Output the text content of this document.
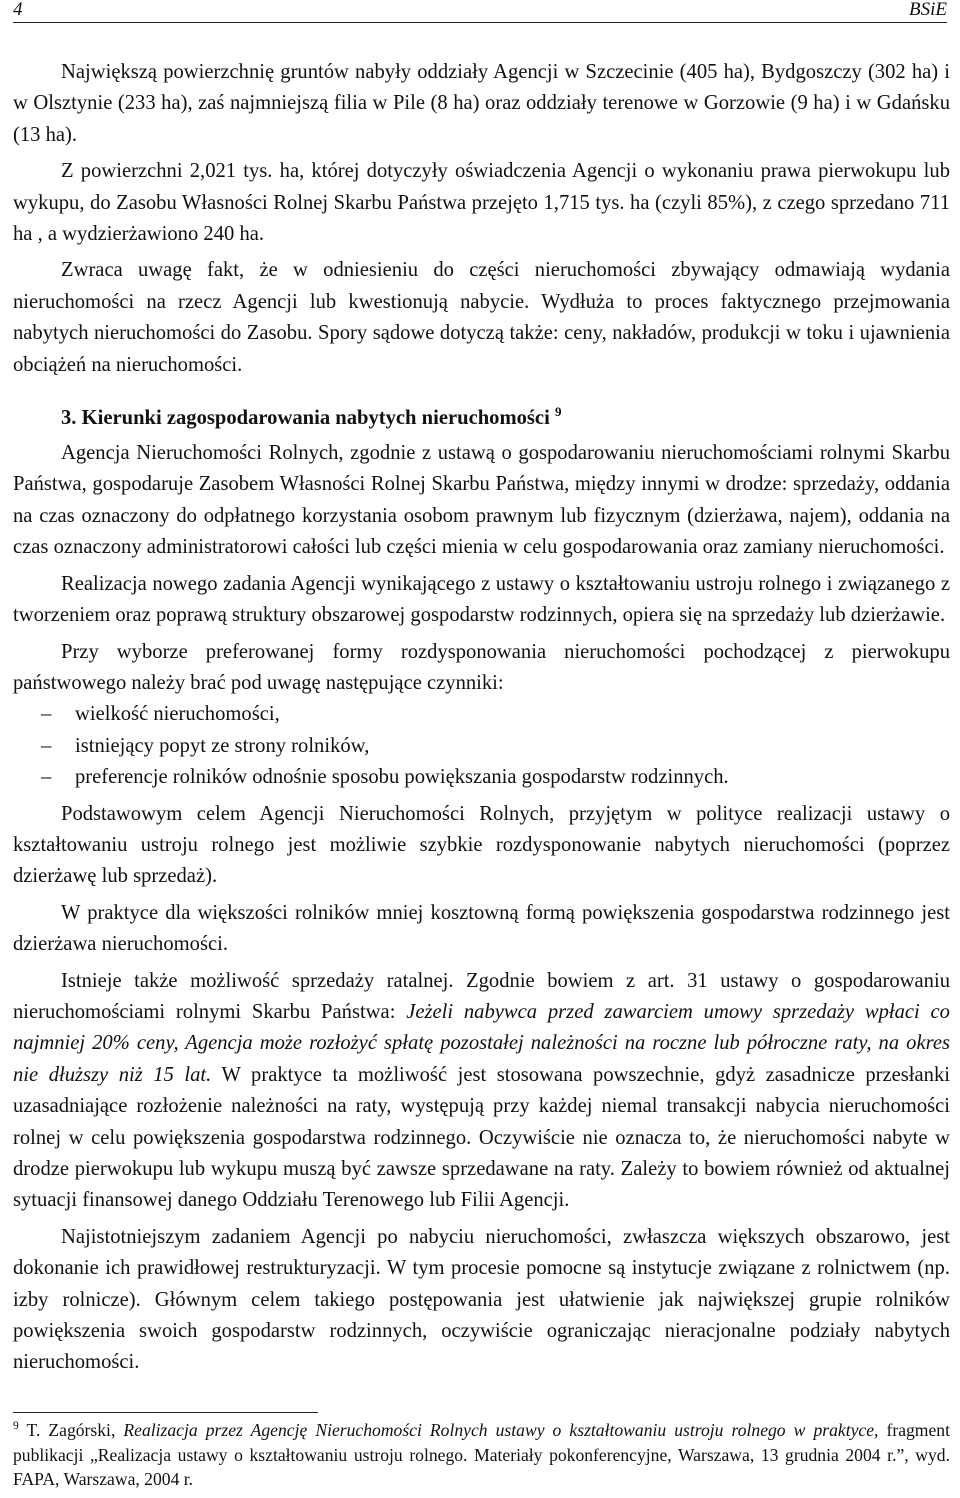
4	BSiE

Największą powierzchnię gruntów nabyły oddziały Agencji w Szczecinie (405 ha), Bydgoszczy (302 ha) i w Olsztynie (233 ha), zaś najmniejszą filia w Pile (8 ha) oraz oddziały terenowe w Gorzowie (9 ha) i w Gdańsku (13 ha).

Z powierzchni 2,021 tys. ha, której dotyczyły oświadczenia Agencji o wykonaniu prawa pierwokupu lub wykupu, do Zasobu Własności Rolnej Skarbu Państwa przejęto 1,715 tys. ha (czyli 85%), z czego sprzedano 711 ha , a wydzierżawiono 240 ha.

Zwraca uwagę fakt, że w odniesieniu do części nieruchomości zbywający odmawiają wydania nieruchomości na rzecz Agencji lub kwestionują nabycie. Wydłuża to proces faktycznego przejmowania nabytych nieruchomości do Zasobu. Spory sądowe dotyczą także: ceny, nakładów, produkcji w toku i ujawnienia obciążeń na nieruchomości.

3. Kierunki zagospodarowania nabytych nieruchomości $^9$

Agencja Nieruchomości Rolnych, zgodnie z ustawą o gospodarowaniu nieruchomościami rolnymi Skarbu Państwa, gospodaruje Zasobem Własności Rolnej Skarbu Państwa, między innymi w drodze: sprzedaży, oddania na czas oznaczony do odpłatnego korzystania osobom prawnym lub fizycznym (dzierżawa, najem), oddania na czas oznaczony administratorowi całości lub części mienia w celu gospodarowania oraz zamiany nieruchomości.

Realizacja nowego zadania Agencji wynikającego z ustawy o kształtowaniu ustroju rolnego i związanego z tworzeniem oraz poprawą struktury obszarowej gospodarstw rodzinnych, opiera się na sprzedaży lub dzierżawie.

Przy wyborze preferowanej formy rozdysponowania nieruchomości pochodzącej z pierwokupu państwowego należy brać pod uwagę następujące czynniki:

– wielkość nieruchomości,
– istniejący popyt ze strony rolników,
– preferencje rolników odnośnie sposobu powiększania gospodarstw rodzinnych.

Podstawowym celem Agencji Nieruchomości Rolnych, przyjętym w polityce realizacji ustawy o kształtowaniu ustroju rolnego jest możliwie szybkie rozdysponowanie nabytych nieruchomości (poprzez dzierżawę lub sprzedaż).

W praktyce dla większości rolników mniej kosztowną formą powiększenia gospodarstwa rodzinnego jest dzierżawa nieruchomości.

Istnieje także możliwość sprzedaży ratalnej. Zgodnie bowiem z art. 31 ustawy o gospodarowaniu nieruchomościami rolnymi Skarbu Państwa: Jeżeli nabywca przed zawarciem umowy sprzedaży wpłaci co najmniej 20% ceny, Agencja może rozłożyć spłatę pozostałej należności na roczne lub półroczne raty, na okres nie dłuższy niż 15 lat. W praktyce ta możliwość jest stosowana powszechnie, gdyż zasadnicze przesłanki uzasadniające rozłożenie należności na raty, występują przy każdej niemal transakcji nabycia nieruchomości rolnej w celu powiększenia gospodarstwa rodzinnego. Oczywiście nie oznacza to, że nieruchomości nabyte w drodze pierwokupu lub wykupu muszą być zawsze sprzedawane na raty. Zależy to bowiem również od aktualnej sytuacji finansowej danego Oddziału Terenowego lub Filii Agencji.

Najistotniejszym zadaniem Agencji po nabyciu nieruchomości, zwłaszcza większych obszarowo, jest dokonanie ich prawidłowej restrukturyzacji. W tym procesie pomocne są instytucje związane z rolnictwem (np. izby rolnicze). Głównym celem takiego postępowania jest ułatwienie jak największej grupie rolników powiększenia swoich gospodarstw rodzinnych, oczywiście ograniczając nieracjonalne podziały nabytych nieruchomości.

$^9$ T. Zagórski, Realizacja przez Agencję Nieruchomości Rolnych ustawy o kształtowaniu ustroju rolnego w praktyce, fragment publikacji „Realizacja ustawy o kształtowaniu ustroju rolnego. Materiały pokonferencyjne, Warszawa, 13 grudnia 2004 r.”, wyd. FAPA, Warszawa, 2004 r.
